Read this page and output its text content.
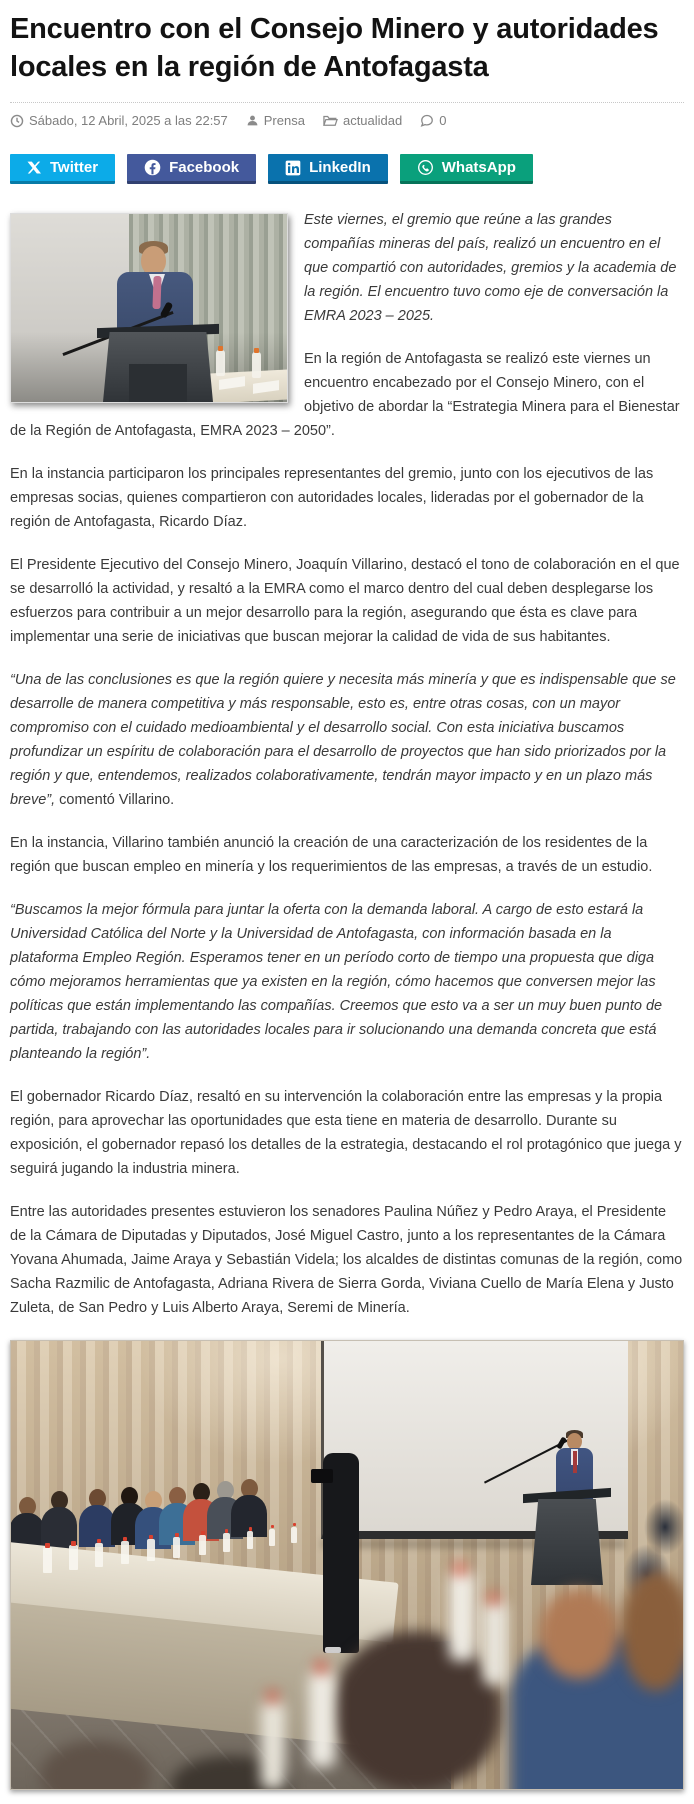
Encuentro con el Consejo Minero y autoridades locales en la región de Antofagasta
Sábado, 12 Abril, 2025 a las 22:57	Prensa	actualidad	0
Twitter	Facebook	LinkedIn	WhatsApp

Este viernes, el gremio que reúne a las grandes compañías mineras del país, realizó un encuentro en el que compartió con autoridades, gremios y la academia de la región. El encuentro tuvo como eje de conversación la EMRA 2023 – 2025.

En la región de Antofagasta se realizó este viernes un encuentro encabezado por el Consejo Minero, con el objetivo de abordar la “Estrategia Minera para el Bienestar de la Región de Antofagasta, EMRA 2023 – 2050”.

En la instancia participaron los principales representantes del gremio, junto con los ejecutivos de las empresas socias, quienes compartieron con autoridades locales, lideradas por el gobernador de la región de Antofagasta, Ricardo Díaz.

El Presidente Ejecutivo del Consejo Minero, Joaquín Villarino, destacó el tono de colaboración en el que se desarrolló la actividad, y resaltó a la EMRA como el marco dentro del cual deben desplegarse los esfuerzos para contribuir a un mejor desarrollo para la región, asegurando que ésta es clave para implementar una serie de iniciativas que buscan mejorar la calidad de vida de sus habitantes.

“Una de las conclusiones es que la región quiere y necesita más minería y que es indispensable que se desarrolle de manera competitiva y más responsable, esto es, entre otras cosas, con un mayor compromiso con el cuidado medioambiental y el desarrollo social. Con esta iniciativa buscamos profundizar un espíritu de colaboración para el desarrollo de proyectos que han sido priorizados por la región y que, entendemos, realizados colaborativamente, tendrán mayor impacto y en un plazo más breve”, comentó Villarino.

En la instancia, Villarino también anunció la creación de una caracterización de los residentes de la región que buscan empleo en minería y los requerimientos de las empresas, a través de un estudio.

“Buscamos la mejor fórmula para juntar la oferta con la demanda laboral. A cargo de esto estará la Universidad Católica del Norte y la Universidad de Antofagasta, con información basada en la plataforma Empleo Región. Esperamos tener en un período corto de tiempo una propuesta que diga cómo mejoramos herramientas que ya existen en la región, cómo hacemos que conversen mejor las políticas que están implementando las compañías. Creemos que esto va a ser un muy buen punto de partida, trabajando con las autoridades locales para ir solucionando una demanda concreta que está planteando la región”.

El gobernador Ricardo Díaz, resaltó en su intervención la colaboración entre las empresas y la propia región, para aprovechar las oportunidades que esta tiene en materia de desarrollo. Durante su exposición, el gobernador repasó los detalles de la estrategia, destacando el rol protagónico que juega y seguirá jugando la industria minera.

Entre las autoridades presentes estuvieron los senadores Paulina Núñez y Pedro Araya, el Presidente de la Cámara de Diputadas y Diputados, José Miguel Castro, junto a los representantes de la Cámara Yovana Ahumada, Jaime Araya y Sebastián Videla; los alcaldes de distintas comunas de la región, como Sacha Razmilic de Antofagasta, Adriana Rivera de Sierra Gorda, Viviana Cuello de María Elena y Justo Zuleta, de San Pedro y Luis Alberto Araya, Seremi de Minería.
